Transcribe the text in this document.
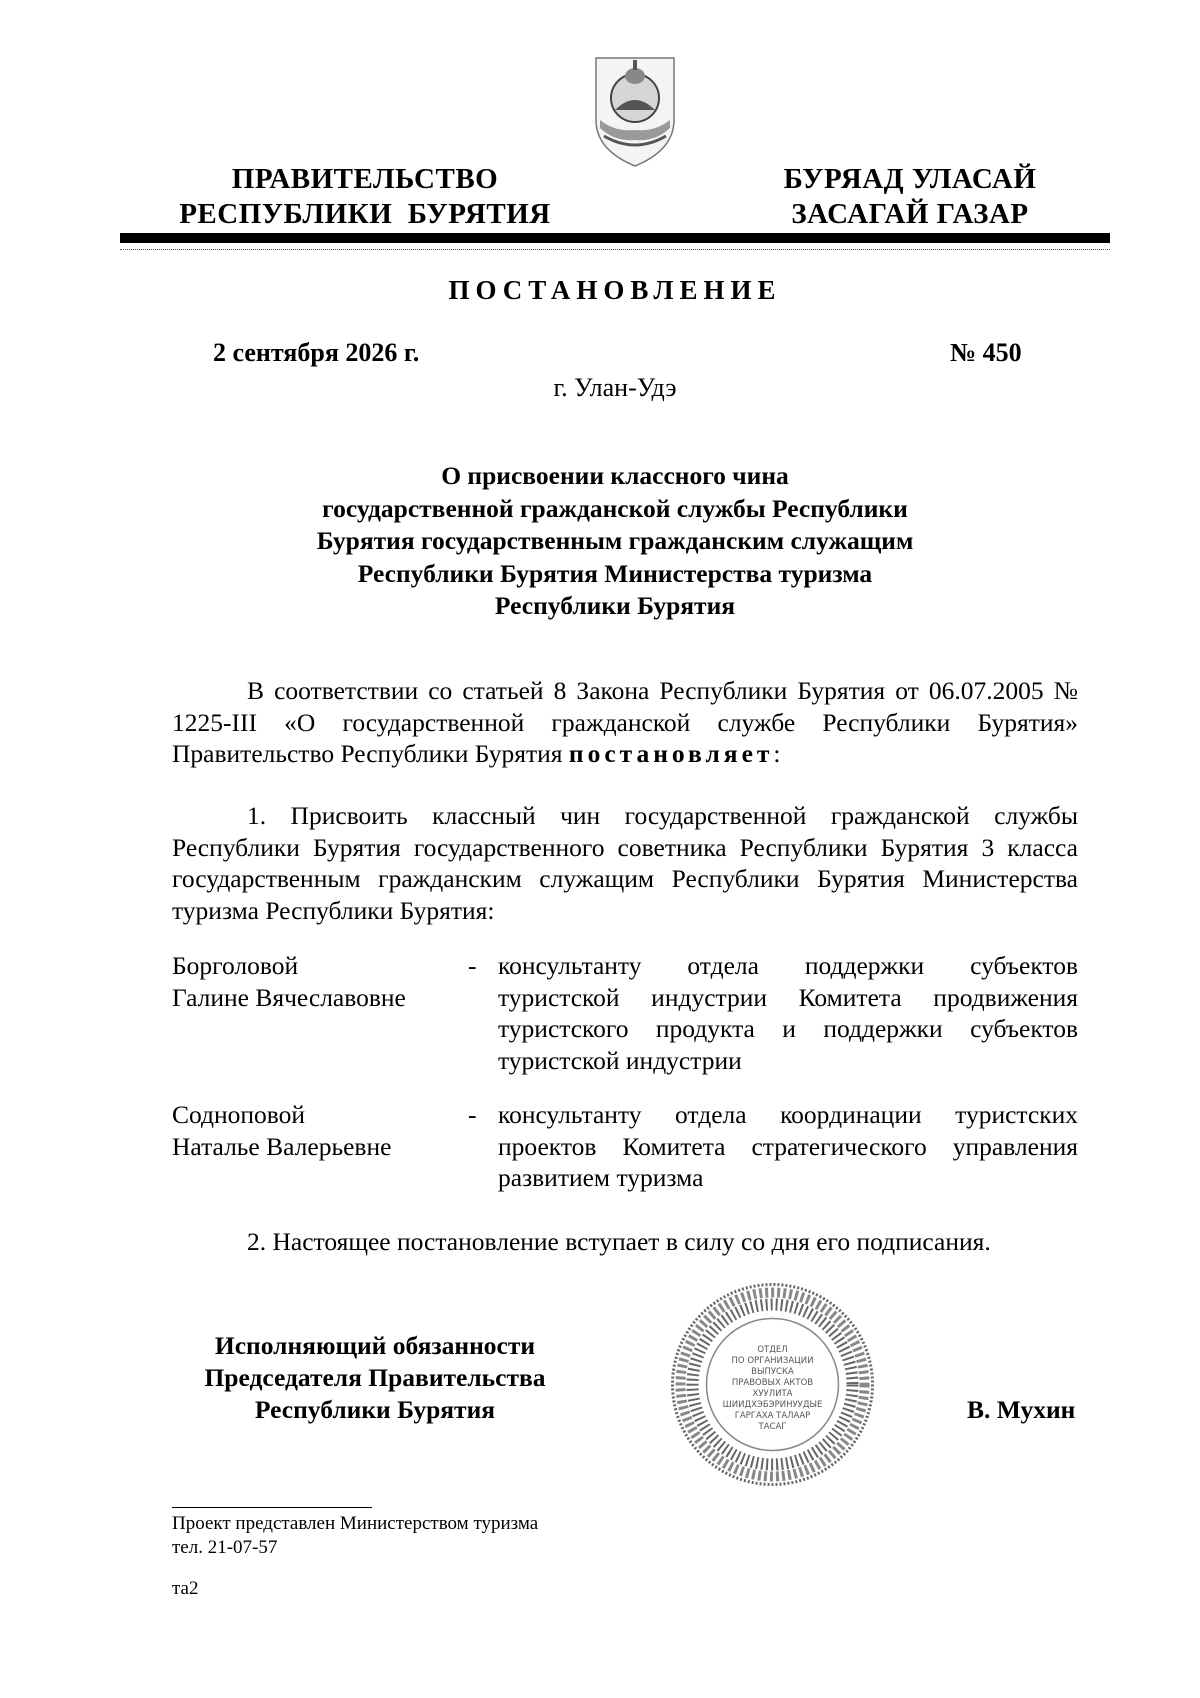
ПРАВИТЕЛЬСТВО
РЕСПУБЛИКИ  БУРЯТИЯ
БУРЯАД УЛАСАЙ
ЗАСАГАЙ ГАЗАР
ПОСТАНОВЛЕНИЕ
2 сентября 2026 г.	№ 450
г. Улан-Удэ
О присвоении классного чина
государственной гражданской службы Республики
Бурятия государственным гражданским служащим
Республики Бурятия Министерства туризма
Республики Бурятия
В соответствии со статьей 8 Закона Республики Бурятия от 06.07.2005 № 1225-III «О государственной гражданской службе Республики Бурятия» Правительство Республики Бурятия постановляет:
1. Присвоить классный чин государственной гражданской службы Республики Бурятия государственного советника Республики Бурятия 3 класса государственным гражданским служащим Республики Бурятия Министерства туризма Республики Бурятия:
Борголовой
Галине Вячеславовне
- консультанту отдела поддержки субъектов туристской индустрии Комитета продвижения туристского продукта и поддержки субъектов туристской индустрии
Содноповой
Наталье Валерьевне
- консультанту отдела координации туристских проектов Комитета стратегического управления развитием туризма
2. Настоящее постановление вступает в силу со дня его подписания.
Исполняющий обязанности
Председателя Правительства
Республики Бурятия
ОТДЕЛ
ПО ОРГАНИЗАЦИИ
ВЫПУСКА
ПРАВОВЫХ АКТОВ
ХУУЛИТА
ШИИДХЭБЭРИНУУДЫЕ
ГАРГАХА ТАЛААР
ТАСАГ
В. Мухин
Проект представлен Министерством туризма
тел. 21-07-57
та2
